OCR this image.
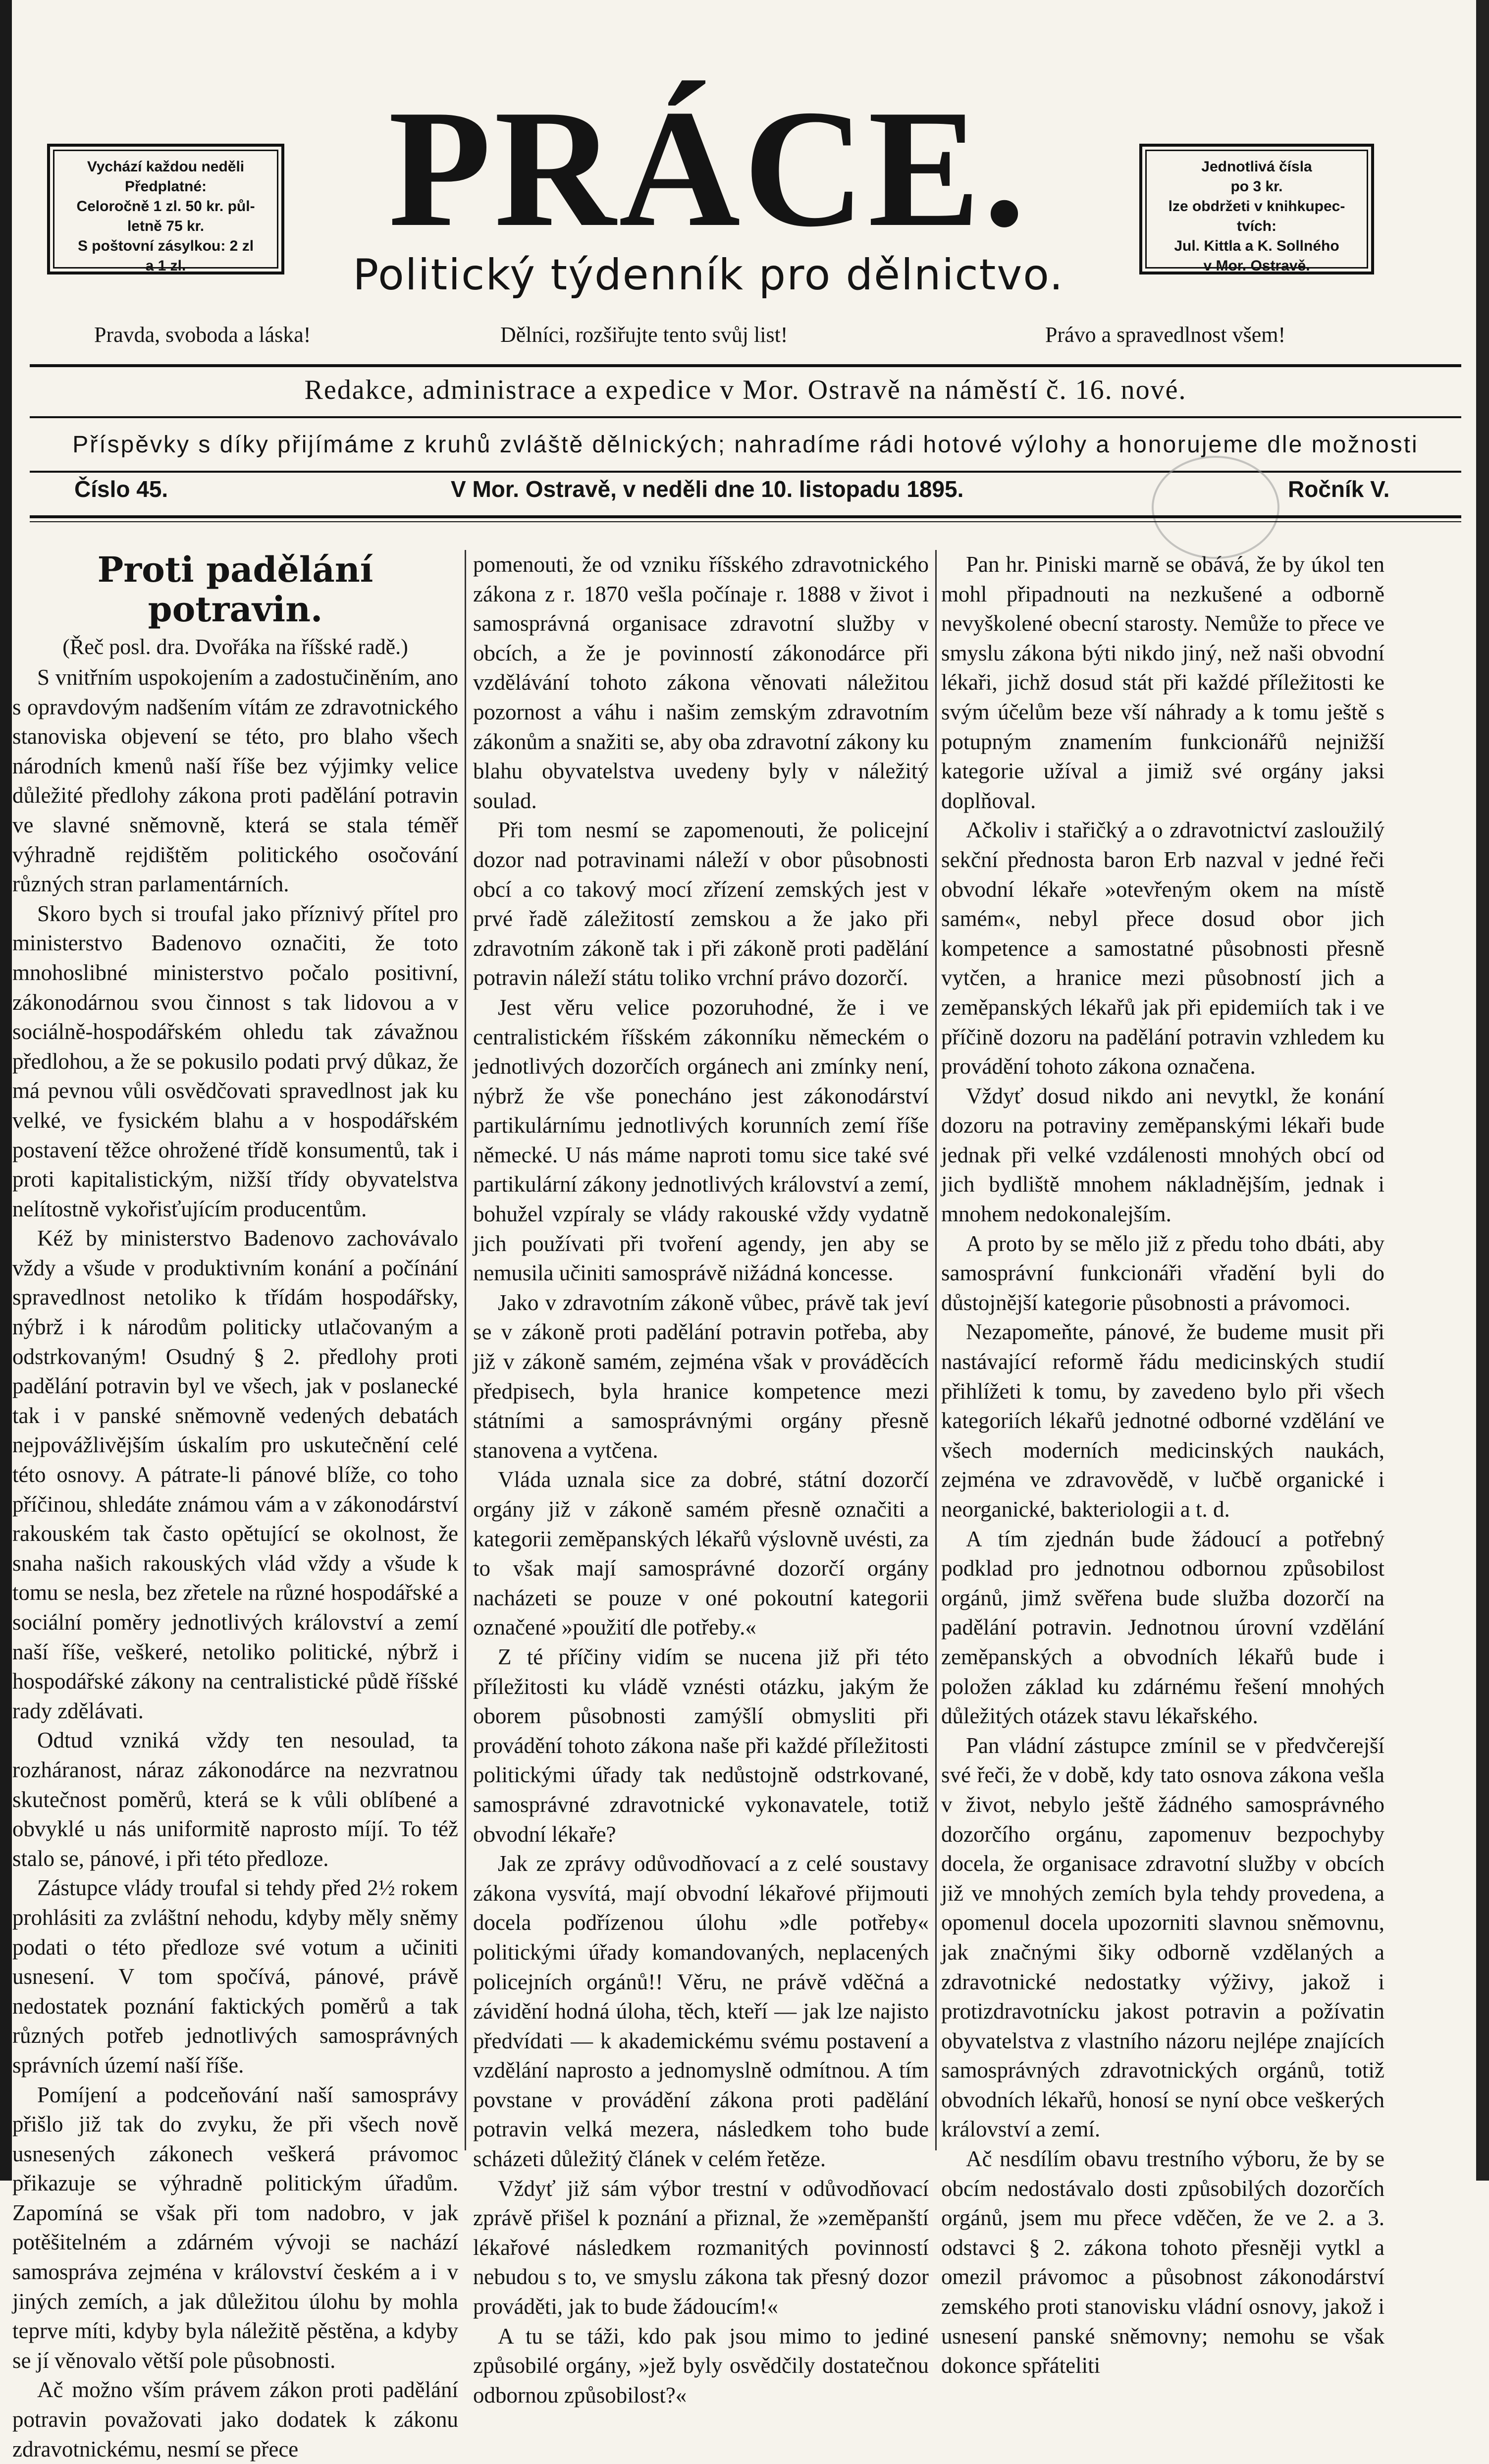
Vychází každou neděli
Předplatné:
Celoročně 1 zl. 50 kr. půl-
letně 75 kr.
S poštovní zásylkou: 2 zl
a 1 zl.
PRÁCE.
Politický týdenník pro dělnictvo.
Jednotlivá čísla
po 3 kr.
lze obdržeti v knihkupec-
tvích:
Jul. Kittla a K. Sollného
v Mor. Ostravě.
Pravda, svoboda a láska!	Dělníci, rozšiřujte tento svůj list!	Právo a spravedlnost všem!
Redakce, administrace a expedice v Mor. Ostravě na náměstí č. 16. nové.
Příspěvky s díky přijímáme z kruhů zvláště dělnických; nahradíme rádi hotové výlohy a honorujeme dle možnosti
Číslo 45.	V Mor. Ostravě, v neděli dne 10. listopadu 1895.	Ročník V.
Proti padělání potravin.
(Řeč posl. dra. Dvořáka na říšské radě.)

S vnitřním uspokojením a zadostučiněním, ano s opravdovým nadšením vítám ze zdravotnického stanoviska objevení se této, pro blaho všech národních kmenů naší říše bez výjimky velice důležité předlohy zákona proti padělání potravin ve slavné sněmovně, která se stala téměř výhradně rejdištěm politického osočování různých stran parlamentárních.

Skoro bych si troufal jako příznivý přítel pro ministerstvo Badenovo označiti, že toto mnohoslibné ministerstvo počalo positivní, zákonodárnou svou činnost s tak lidovou a v sociálně-hospodářském ohledu tak závažnou předlohou, a že se pokusilo podati prvý důkaz, že má pevnou vůli osvědčovati spravedlnost jak ku velké, ve fysickém blahu a v hospodářském postavení těžce ohrožené třídě konsumentů, tak i proti kapitalistickým, nižší třídy obyvatelstva nelítostně vykořisťujícím producentům.

Kéž by ministerstvo Badenovo zachovávalo vždy a všude v produktivním konání a počínání spravedlnost netoliko k třídám hospodářsky, nýbrž i k národům politicky utlačovaným a odstrkovaným! Osudný § 2. předlohy proti padělání potravin byl ve všech, jak v poslanecké tak i v panské sněmovně vedených debatách nejpovážlivějším úskalím pro uskutečnění celé této osnovy. A pátrate-li pánové blíže, co toho příčinou, shledáte známou vám a v zákonodárství rakouském tak často opětující se okolnost, že snaha našich rakouských vlád vždy a všude k tomu se nesla, bez zřetele na různé hospodářské a sociální poměry jednotlivých království a zemí naší říše, veškeré, netoliko politické, nýbrž i hospodářské zákony na centralistické půdě říšské rady zdělávati.

Odtud vzniká vždy ten nesoulad, ta rozháranost, náraz zákonodárce na nezvratnou skutečnost poměrů, která se k vůli oblíbené a obvyklé u nás uniformitě naprosto míjí. To též stalo se, pánové, i při této předloze.

Zástupce vlády troufal si tehdy před 2½ rokem prohlásiti za zvláštní nehodu, kdyby měly sněmy podati o této předloze své votum a učiniti usnesení. V tom spočívá, pánové, právě nedostatek poznání faktických poměrů a tak různých potřeb jednotlivých samosprávných správních území naší říše.

Pomíjení a podceňování naší samosprávy přišlo již tak do zvyku, že při všech nově usnesených zákonech veškerá právomoc přikazuje se výhradně politickým úřadům. Zapomíná se však při tom nadobro, v jak potěšitelném a zdárném vývoji se nachází samospráva zejména v království českém a i v jiných zemích, a jak důležitou úlohu by mohla teprve míti, kdyby byla náležitě pěstěna, a kdyby se jí věnovalo větší pole působnosti.

Ač možno vším právem zákon proti padělání potravin považovati jako dodatek k zákonu zdravotnickému, nesmí se přece

pomenouti, že od vzniku říšského zdravotnického zákona z r. 1870 vešla počínaje r. 1888 v život i samosprávná organisace zdravotní služby v obcích, a že je povinností zákonodárce při vzdělávání tohoto zákona věnovati náležitou pozornost a váhu i našim zemským zdravotním zákonům a snažiti se, aby oba zdravotní zákony ku blahu obyvatelstva uvedeny byly v náležitý soulad.

Při tom nesmí se zapomenouti, že policejní dozor nad potravinami náleží v obor působnosti obcí a co takový mocí zřízení zemských jest v prvé řadě záležitostí zemskou a že jako při zdravotním zákoně tak i při zákoně proti padělání potravin náleží státu toliko vrchní právo dozorčí.

Jest věru velice pozoruhodné, že i ve centralistickém říšském zákonníku německém o jednotlivých dozorčích orgánech ani zmínky není, nýbrž že vše ponecháno jest zákonodárství partikulárnímu jednotlivých korunních zemí říše německé. U nás máme naproti tomu sice také své partikulární zákony jednotlivých království a zemí, bohužel vzpíraly se vlády rakouské vždy vydatně jich používati při tvoření agendy, jen aby se nemusila učiniti samosprávě nižádná koncesse.

Jako v zdravotním zákoně vůbec, právě tak jeví se v zákoně proti padělání potravin potřeba, aby již v zákoně samém, zejména však v prováděcích předpisech, byla hranice kompetence mezi státními a samosprávnými orgány přesně stanovena a vytčena.

Vláda uznala sice za dobré, státní dozorčí orgány již v zákoně samém přesně označiti a kategorii zeměpanských lékařů výslovně uvésti, za to však mají samosprávné dozorčí orgány nacházeti se pouze v oné pokoutní kategorii označené »použití dle potřeby.«

Z té příčiny vidím se nucena již při této příležitosti ku vládě vznésti otázku, jakým že oborem působnosti zamýšlí obmysliti při provádění tohoto zákona naše při každé příležitosti politickými úřady tak nedůstojně odstrkované, samosprávné zdravotnické vykonavatele, totiž obvodní lékaře?

Jak ze zprávy odůvodňovací a z celé soustavy zákona vysvítá, mají obvodní lékařové přijmouti docela podřízenou úlohu »dle potřeby« politickými úřady komandovaných, neplacených policejních orgánů!! Věru, ne právě vděčná a závidění hodná úloha, těch, kteří — jak lze najisto předvídati — k akademickému svému postavení a vzdělání naprosto a jednomyslně odmítnou. A tím povstane v provádění zákona proti padělání potravin velká mezera, následkem toho bude scházeti důležitý článek v celém řetěze.

Vždyť již sám výbor trestní v odůvodňovací zprávě přišel k poznání a přiznal, že »zeměpanští lékařové následkem rozmanitých povinností nebudou s to, ve smyslu zákona tak přesný dozor prováděti, jak to bude žádoucím!«

A tu se táži, kdo pak jsou mimo to jediné způsobilé orgány, »jež byly osvědčily dostatečnou odbornou způsobilost?«

Pan hr. Piniski marně se obává, že by úkol ten mohl připadnouti na nezkušené a odborně nevyškolené obecní starosty. Nemůže to přece ve smyslu zákona býti nikdo jiný, než naši obvodní lékaři, jichž dosud stát při každé příležitosti ke svým účelům beze vší náhrady a k tomu ještě s potupným znamením funkcionářů nejnižší kategorie užíval a jimiž své orgány jaksi doplňoval.

Ačkoliv i stařičký a o zdravotnictví zasloužilý sekční přednosta baron Erb nazval v jedné řeči obvodní lékaře »otevřeným okem na místě samém«, nebyl přece dosud obor jich kompetence a samostatné působnosti přesně vytčen, a hranice mezi působností jich a zeměpanských lékařů jak při epidemiích tak i ve příčině dozoru na padělání potravin vzhledem ku provádění tohoto zákona označena.

Vždyť dosud nikdo ani nevytkl, že konání dozoru na potraviny zeměpanskými lékaři bude jednak při velké vzdálenosti mnohých obcí od jich bydliště mnohem nákladnějším, jednak i mnohem nedokonalejším.

A proto by se mělo již z předu toho dbáti, aby samosprávní funkcionáři vřadění byli do důstojnější kategorie působnosti a právomoci.

Nezapomeňte, pánové, že budeme musit při nastávající reformě řádu medicinských studií přihlížeti k tomu, by zavedeno bylo při všech kategoriích lékařů jednotné odborné vzdělání ve všech moderních medicinských naukách, zejména ve zdravovědě, v lučbě organické i neorganické, bakteriologii a t. d.

A tím zjednán bude žádoucí a potřebný podklad pro jednotnou odbornou způsobilost orgánů, jimž svěřena bude služba dozorčí na padělání potravin. Jednotnou úrovní vzdělání zeměpanských a obvodních lékařů bude i položen základ ku zdárnému řešení mnohých důležitých otázek stavu lékařského.

Pan vládní zástupce zmínil se v předvčerejší své řeči, že v době, kdy tato osnova zákona vešla v život, nebylo ještě žádného samosprávného dozorčího orgánu, zapomenuv bezpochyby docela, že organisace zdravotní služby v obcích již ve mnohých zemích byla tehdy provedena, a opomenul docela upozorniti slavnou sněmovnu, jak značnými šiky odborně vzdělaných a zdravotnické nedostatky výživy, jakož i protizdravotnícku jakost potravin a požívatin obyvatelstva z vlastního názoru nejlépe znajících samosprávných zdravotnických orgánů, totiž obvodních lékařů, honosí se nyní obce veškerých království a zemí.

Ač nesdílím obavu trestního výboru, že by se obcím nedostávalo dosti způsobilých dozorčích orgánů, jsem mu přece vděčen, že ve 2. a 3. odstavci § 2. zákona tohoto přesněji vytkl a omezil právomoc a působnost zákonodárství zemského proti stanovisku vládní osnovy, jakož i usnesení panské sněmovny; nemohu se však dokonce spřáteliti
